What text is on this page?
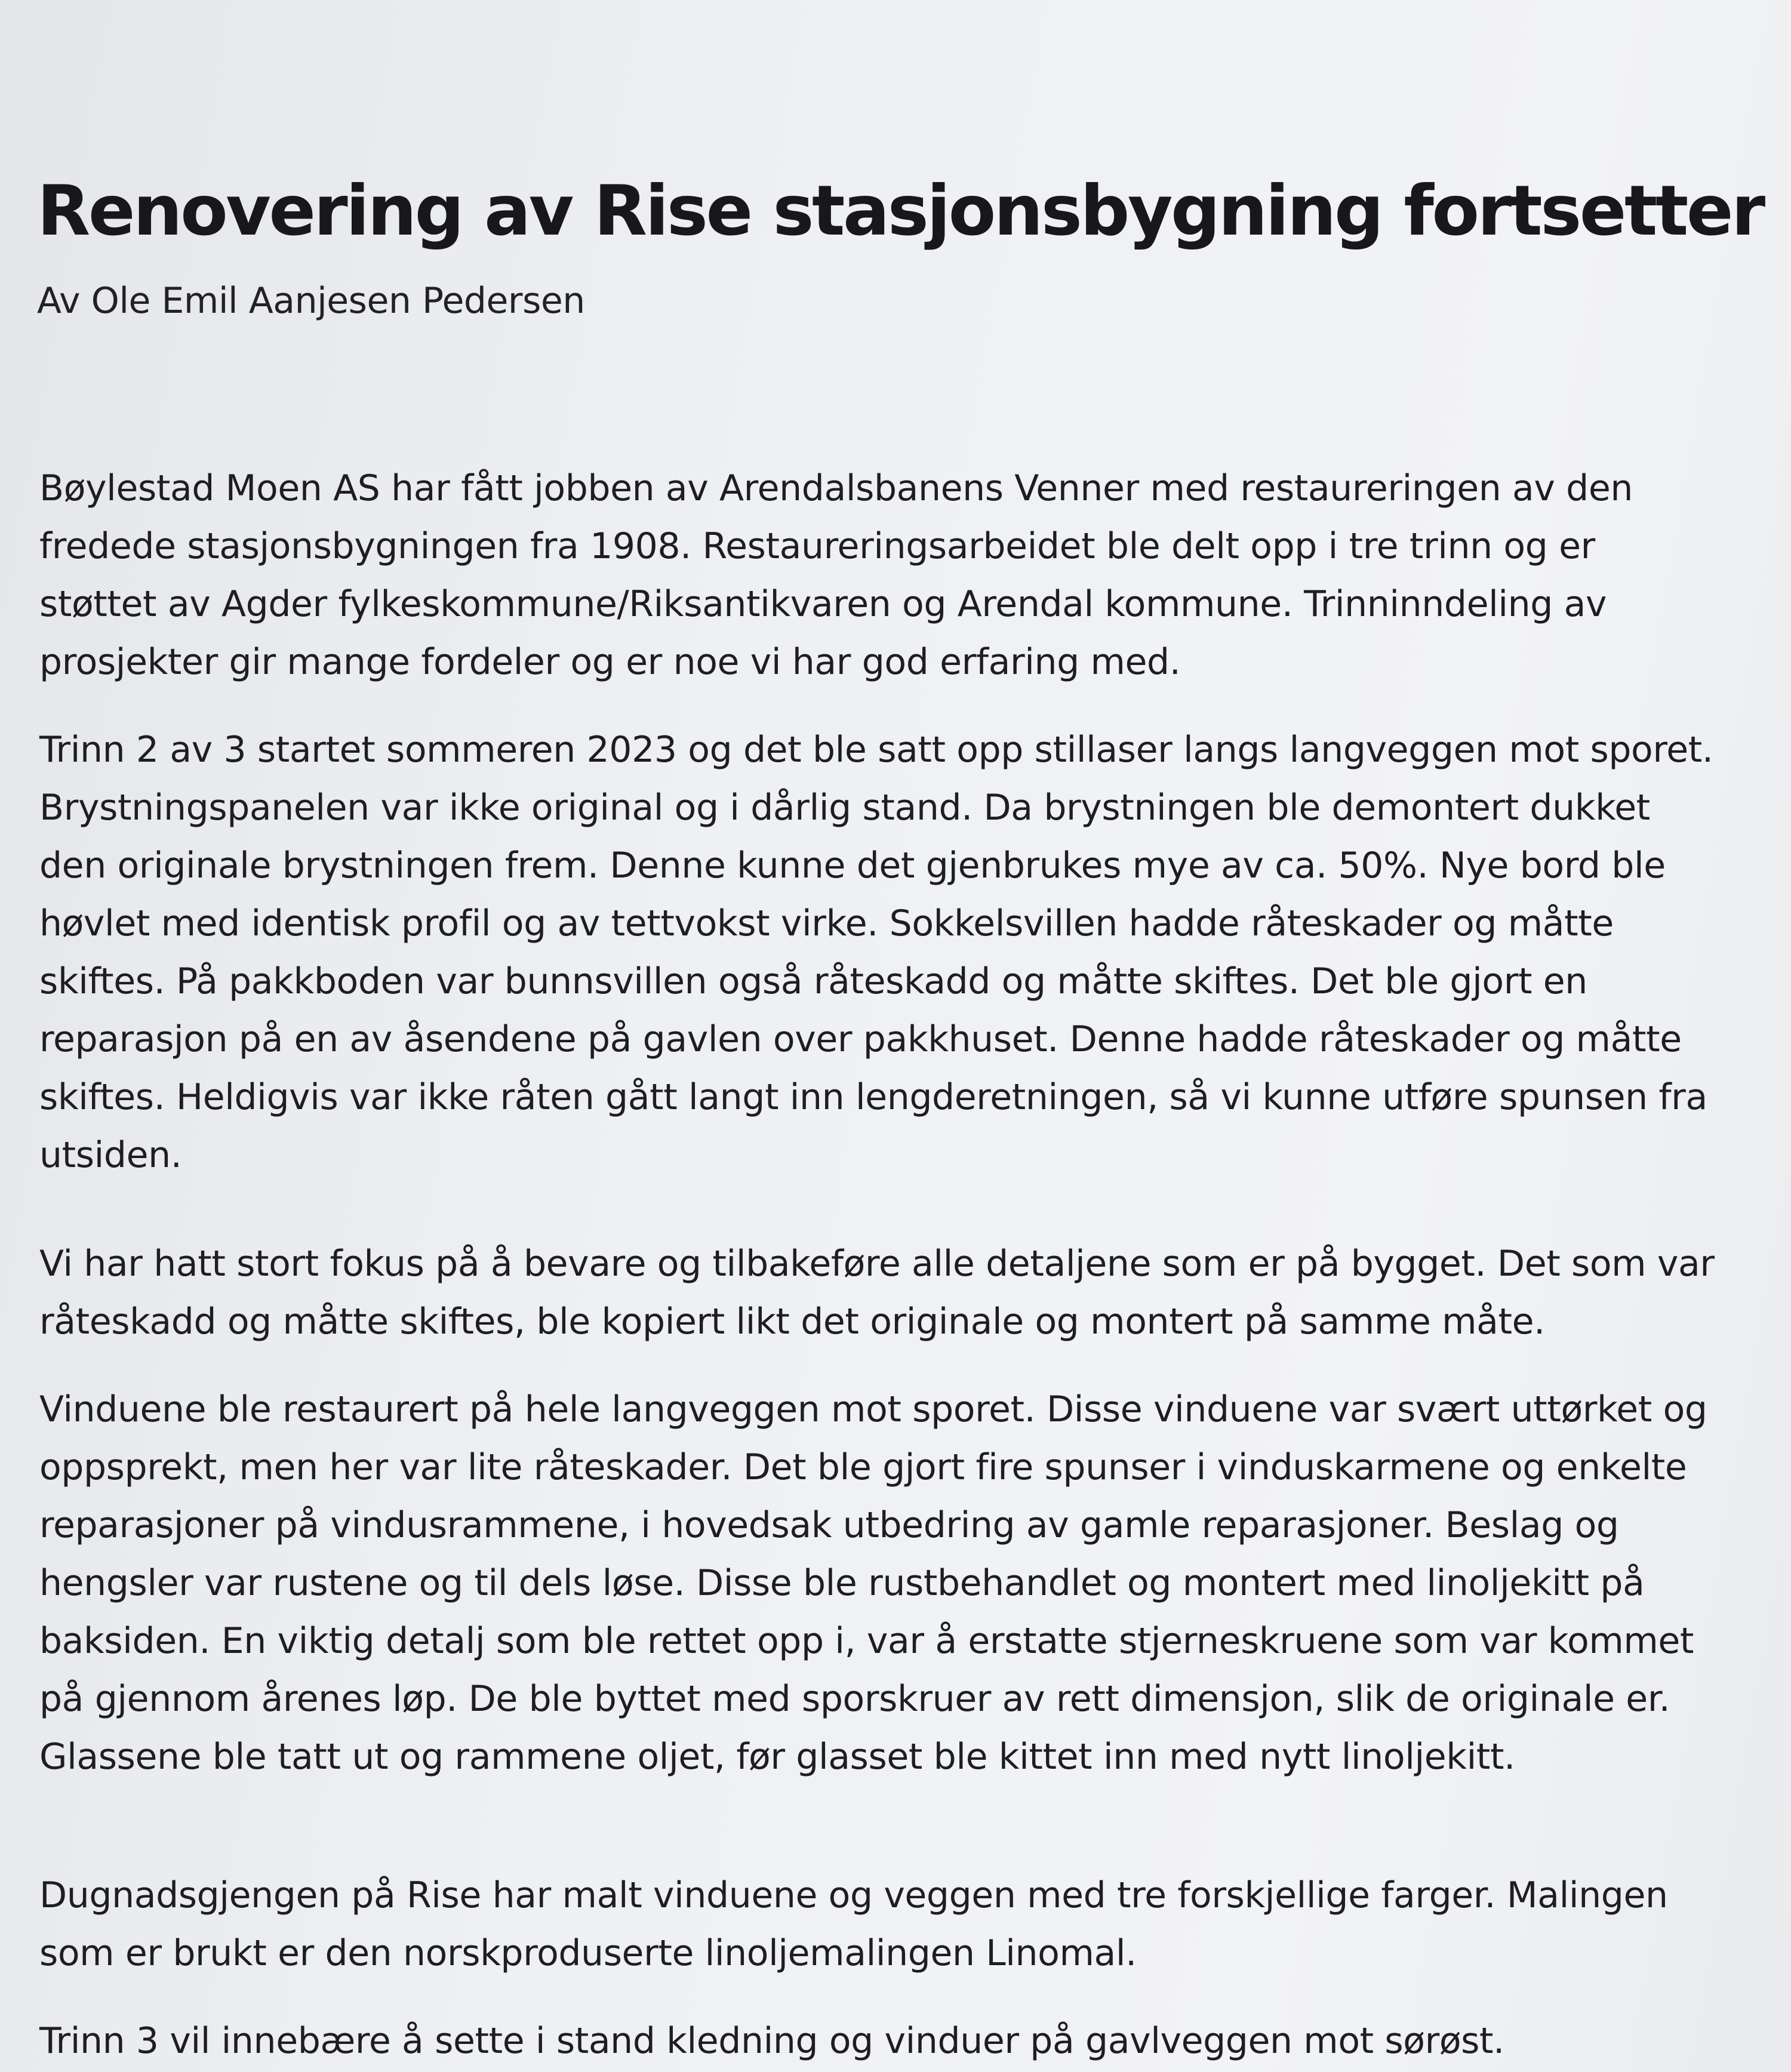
Renovering av Rise stasjonsbygning fortsetter

Av Ole Emil Aanjesen Pedersen

Bøylestad Moen AS har fått jobben av Arendalsbanens Venner med restaureringen av den
fredede stasjonsbygningen fra 1908. Restaureringsarbeidet ble delt opp i tre trinn og er
støttet av Agder fylkeskommune/Riksantikvaren og Arendal kommune. Trinninndeling av
prosjekter gir mange fordeler og er noe vi har god erfaring med.

Trinn 2 av 3 startet sommeren 2023 og det ble satt opp stillaser langs langveggen mot sporet.
Brystningspanelen var ikke original og i dårlig stand. Da brystningen ble demontert dukket
den originale brystningen frem. Denne kunne det gjenbrukes mye av ca. 50%. Nye bord ble
høvlet med identisk profil og av tettvokst virke. Sokkelsvillen hadde råteskader og måtte
skiftes. På pakkboden var bunnsvillen også råteskadd og måtte skiftes. Det ble gjort en
reparasjon på en av åsendene på gavlen over pakkhuset. Denne hadde råteskader og måtte
skiftes. Heldigvis var ikke råten gått langt inn lengderetningen, så vi kunne utføre spunsen fra
utsiden.

Vi har hatt stort fokus på å bevare og tilbakeføre alle detaljene som er på bygget. Det som var
råteskadd og måtte skiftes, ble kopiert likt det originale og montert på samme måte.

Vinduene ble restaurert på hele langveggen mot sporet. Disse vinduene var svært uttørket og
oppsprekt, men her var lite råteskader. Det ble gjort fire spunser i vinduskarmene og enkelte
reparasjoner på vindusrammene, i hovedsak utbedring av gamle reparasjoner. Beslag og
hengsler var rustene og til dels løse. Disse ble rustbehandlet og montert med linoljekitt på
baksiden. En viktig detalj som ble rettet opp i, var å erstatte stjerneskruene som var kommet
på gjennom årenes løp. De ble byttet med sporskruer av rett dimensjon, slik de originale er.
Glassene ble tatt ut og rammene oljet, før glasset ble kittet inn med nytt linoljekitt.

Dugnadsgjengen på Rise har malt vinduene og veggen med tre forskjellige farger. Malingen
som er brukt er den norskproduserte linoljemalingen Linomal.

Trinn 3 vil innebære å sette i stand kledning og vinduer på gavlveggen mot sørøst.
